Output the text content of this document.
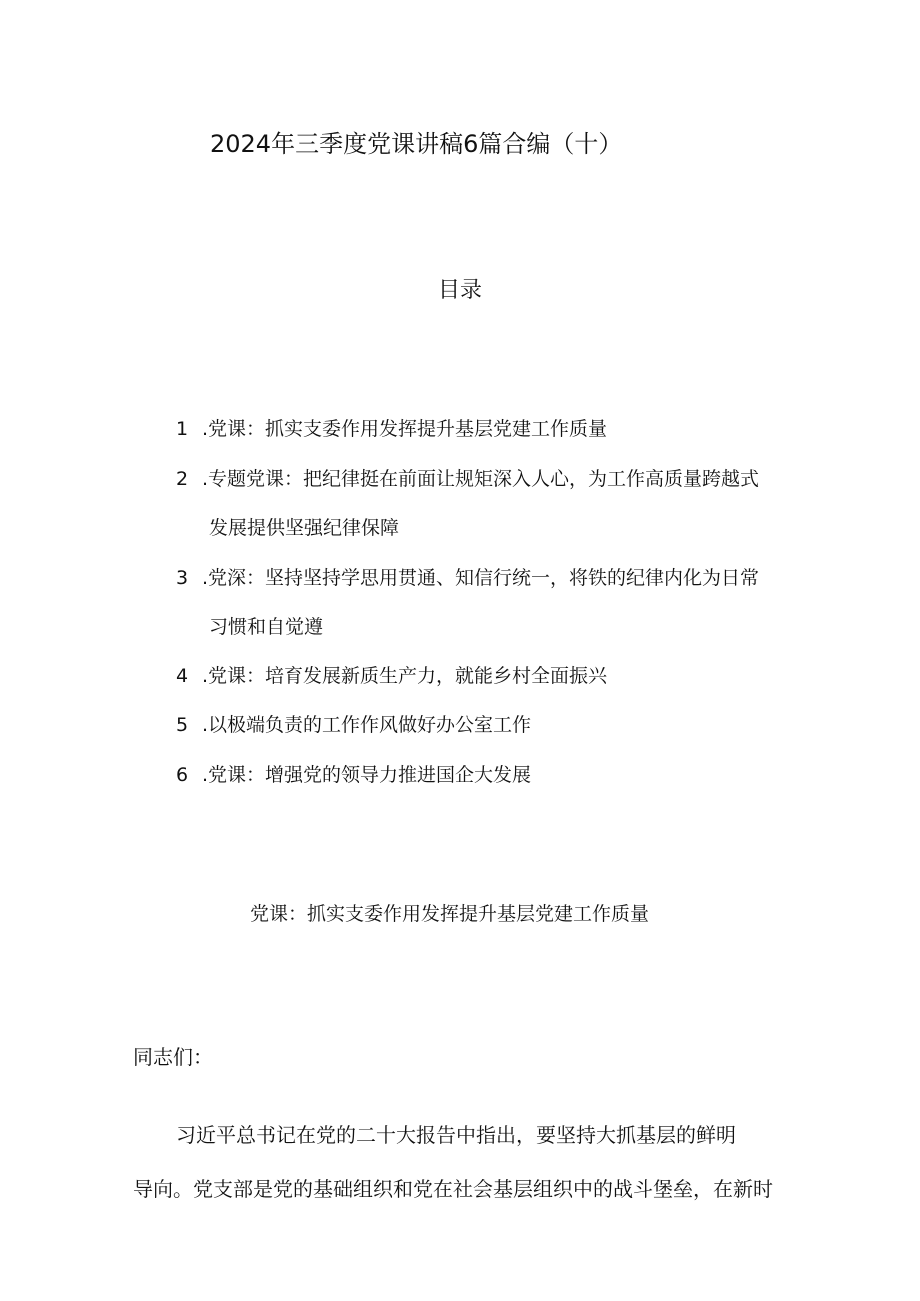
2024年三季度党课讲稿6篇合编（十）
目录
1 .党课：抓实支委作用发挥提升基层党建工作质量
2 .专题党课：把纪律挺在前面让规矩深入人心，为工作高质量跨越式
发展提供坚强纪律保障
3 .党深：坚持坚持学思用贯通、知信行统一，将铁的纪律内化为日常
习惯和自觉遵
4 .党课：培育发展新质生产力，就能乡村全面振兴
5 .以极端负责的工作作风做好办公室工作
6 .党课：增强党的领导力推进国企大发展
党课：抓实支委作用发挥提升基层党建工作质量
同志们：
习近平总书记在党的二十大报告中指出，要坚持大抓基层的鲜明
导向。党支部是党的基础组织和党在社会基层组织中的战斗堡垒，在新时
